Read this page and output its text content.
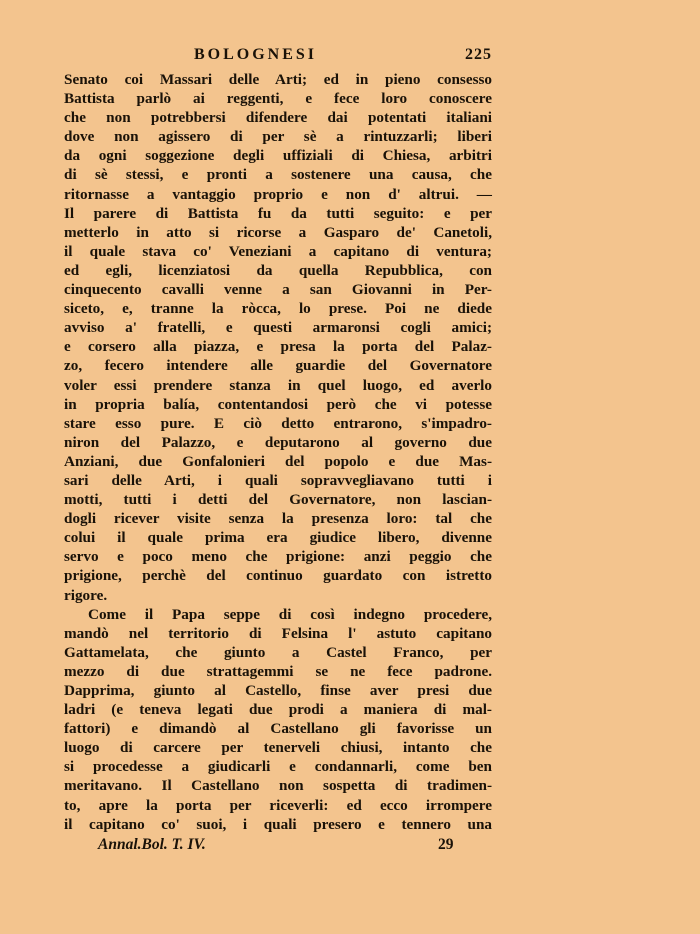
BOLOGNESI	225
Senato coi Massari delle Arti; ed in pieno consesso
Battista parlò ai reggenti, e fece loro conoscere
che non potrebbersi difendere dai potentati italiani
dove non agissero di per sè a rintuzzarli; liberi
da ogni soggezione degli uffiziali di Chiesa, arbitri
di sè stessi, e pronti a sostenere una causa, che
ritornasse a vantaggio proprio e non d' altrui. —
Il parere di Battista fu da tutti seguito: e per
metterlo in atto si ricorse a Gasparo de' Canetoli,
il quale stava co' Veneziani a capitano di ventura;
ed egli, licenziatosi da quella Repubblica, con
cinquecento cavalli venne a san Giovanni in Per-
siceto, e, tranne la ròcca, lo prese. Poi ne diede
avviso a' fratelli, e questi armaronsi cogli amici;
e corsero alla piazza, e presa la porta del Palaz-
zo, fecero intendere alle guardie del Governatore
voler essi prendere stanza in quel luogo, ed averlo
in propria balía, contentandosi però che vi potesse
stare esso pure. E ciò detto entrarono, s'impadro-
niron del Palazzo, e deputarono al governo due
Anziani, due Gonfalonieri del popolo e due Mas-
sari delle Arti, i quali sopravvegliavano tutti i
motti, tutti i detti del Governatore, non lascian-
dogli ricever visite senza la presenza loro: tal che
colui il quale prima era giudice libero, divenne
servo e poco meno che prigione: anzi peggio che
prigione, perchè del continuo guardato con istretto
rigore.
Come il Papa seppe di così indegno procedere,
mandò nel territorio di Felsina l' astuto capitano
Gattamelata, che giunto a Castel Franco, per
mezzo di due strattagemmi se ne fece padrone.
Dapprima, giunto al Castello, finse aver presi due
ladri (e teneva legati due prodi a maniera di mal-
fattori) e dimandò al Castellano gli favorisse un
luogo di carcere per tenerveli chiusi, intanto che
si procedesse a giudicarli e condannarli, come ben
meritavano. Il Castellano non sospetta di tradimen-
to, apre la porta per riceverli: ed ecco irrompere
il capitano co' suoi, i quali presero e tennero una
Annal.Bol. T. IV.	29
